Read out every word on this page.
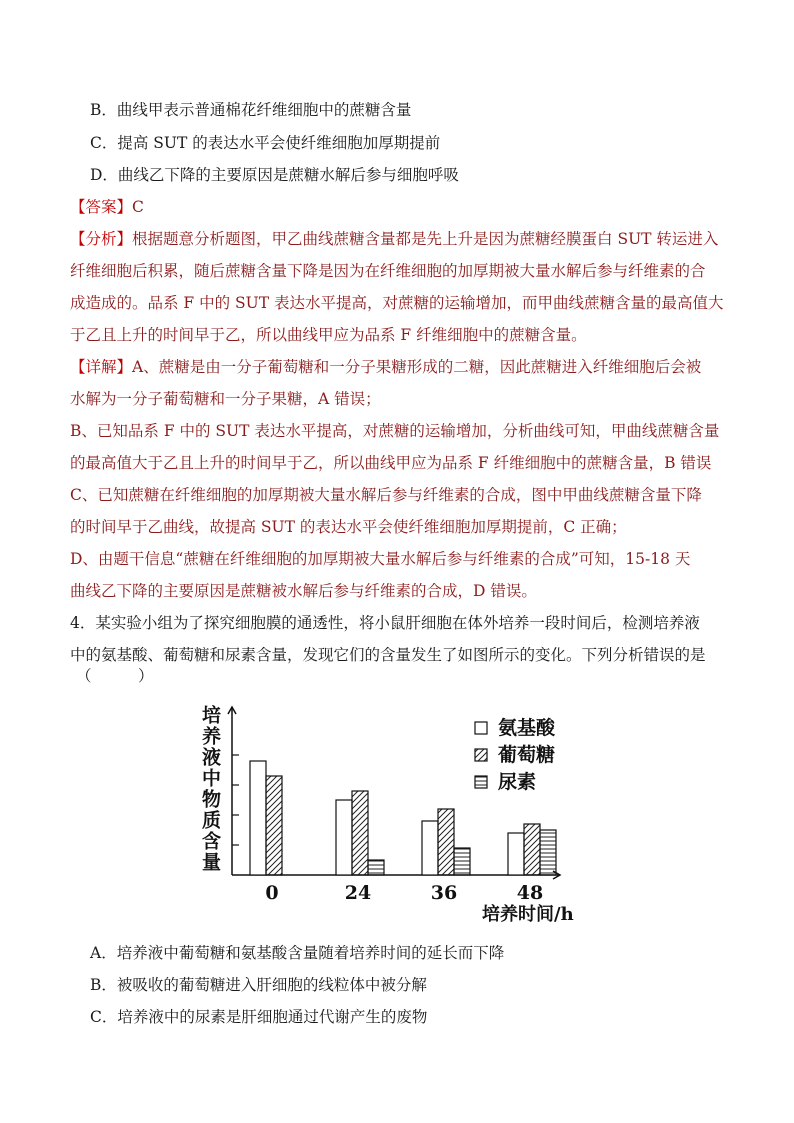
B．曲线甲表示普通棉花纤维细胞中的蔗糖含量
C．提高 SUT 的表达水平会使纤维细胞加厚期提前
D．曲线乙下降的主要原因是蔗糖水解后参与细胞呼吸
【答案】C
【分析】根据题意分析题图，甲乙曲线蔗糖含量都是先上升是因为蔗糖经膜蛋白 SUT 转运进入
纤维细胞后积累，随后蔗糖含量下降是因为在纤维细胞的加厚期被大量水解后参与纤维素的合
成造成的。品系 F 中的 SUT 表达水平提高，对蔗糖的运输增加，而甲曲线蔗糖含量的最高值大
于乙且上升的时间早于乙，所以曲线甲应为品系 F 纤维细胞中的蔗糖含量。
【详解】A、蔗糖是由一分子葡萄糖和一分子果糖形成的二糖，因此蔗糖进入纤维细胞后会被
水解为一分子葡萄糖和一分子果糖，A 错误；
B、已知品系 F 中的 SUT 表达水平提高，对蔗糖的运输增加，分析曲线可知，甲曲线蔗糖含量
的最高值大于乙且上升的时间早于乙，所以曲线甲应为品系 F 纤维细胞中的蔗糖含量，B 错误
C、已知蔗糖在纤维细胞的加厚期被大量水解后参与纤维素的合成，图中甲曲线蔗糖含量下降
的时间早于乙曲线，故提高 SUT 的表达水平会使纤维细胞加厚期提前，C 正确；
D、由题干信息“蔗糖在纤维细胞的加厚期被大量水解后参与纤维素的合成”可知，15-18 天
曲线乙下降的主要原因是蔗糖被水解后参与纤维素的合成，D 错误。
4．某实验小组为了探究细胞膜的通透性，将小鼠肝细胞在体外培养一段时间后，检测培养液
中的氨基酸、葡萄糖和尿素含量，发现它们的含量发生了如图所示的变化。下列分析错误的是
（　　　）
0	24	36	48
氨基酸
葡萄糖
尿素
培养液中物质含量
培养时间/h
A．培养液中葡萄糖和氨基酸含量随着培养时间的延长而下降
B．被吸收的葡萄糖进入肝细胞的线粒体中被分解
C．培养液中的尿素是肝细胞通过代谢产生的废物
